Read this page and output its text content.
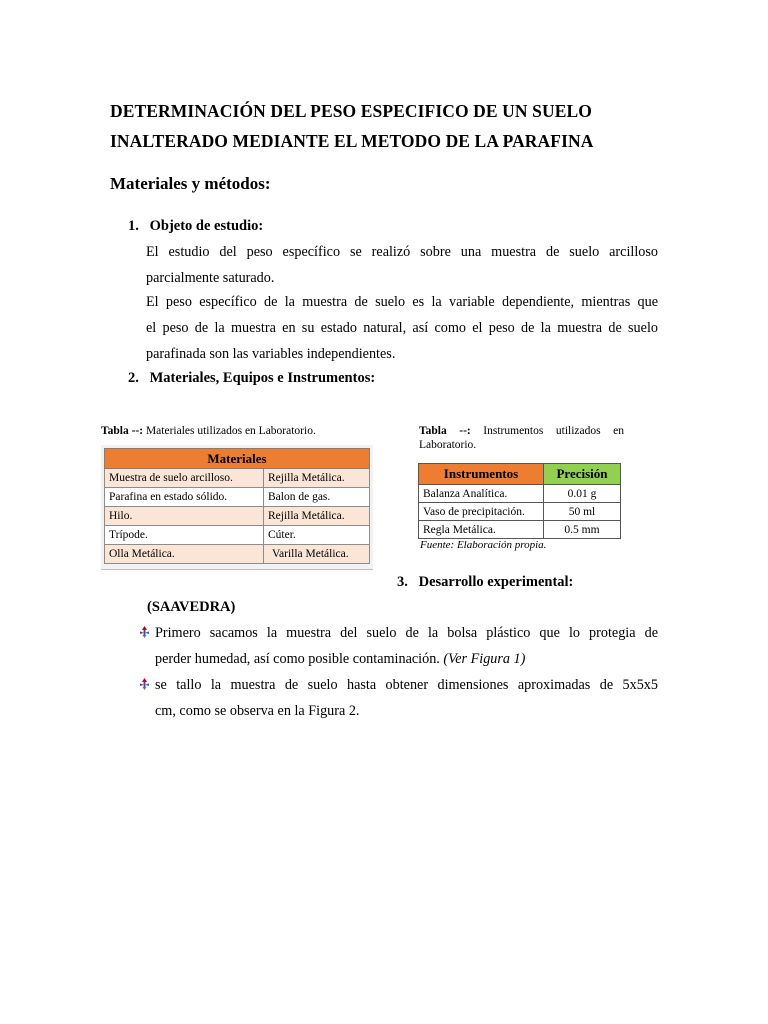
DETERMINACIÓN DEL PESO ESPECIFICO DE UN SUELO
INALTERADO MEDIANTE EL METODO DE LA PARAFINA
Materiales y métodos:

1. Objeto de estudio:

El estudio del peso específico se realizó sobre una muestra de suelo arcilloso
parcialmente saturado.
El peso específico de la muestra de suelo es la variable dependiente, mientras que
el peso de la muestra en su estado natural, así como el peso de la muestra de suelo
parafinada son las variables independientes.

2. Materiales, Equipos e Instrumentos:

Tabla --: Materiales utilizados en Laboratorio.

Materiales	
Muestra de suelo arcilloso.	Rejilla Metálica.
Parafina en estado sólido.	Balon de gas.
Hilo.	Rejilla Metálica.
Trípode.	Cúter.
Olla Metálica.	Varilla Metálica.

Tabla --: Instrumentos utilizados en
Laboratorio.

Fuente: Elaboración propia.
Instrumentos	Precisión
Balanza Analítica.	0.01 g
Vaso de precipitación.	50 ml
Regla Metálica.	0.5 mm

3. Desarrollo experimental:

(SAAVEDRA)

Primero sacamos la muestra del suelo de la bolsa plástico que lo protegia de
perder humedad, así como posible contaminación. (Ver Figura 1)
se tallo la muestra de suelo hasta obtener dimensiones aproximadas de 5x5x5
cm, como se observa en la Figura 2.
